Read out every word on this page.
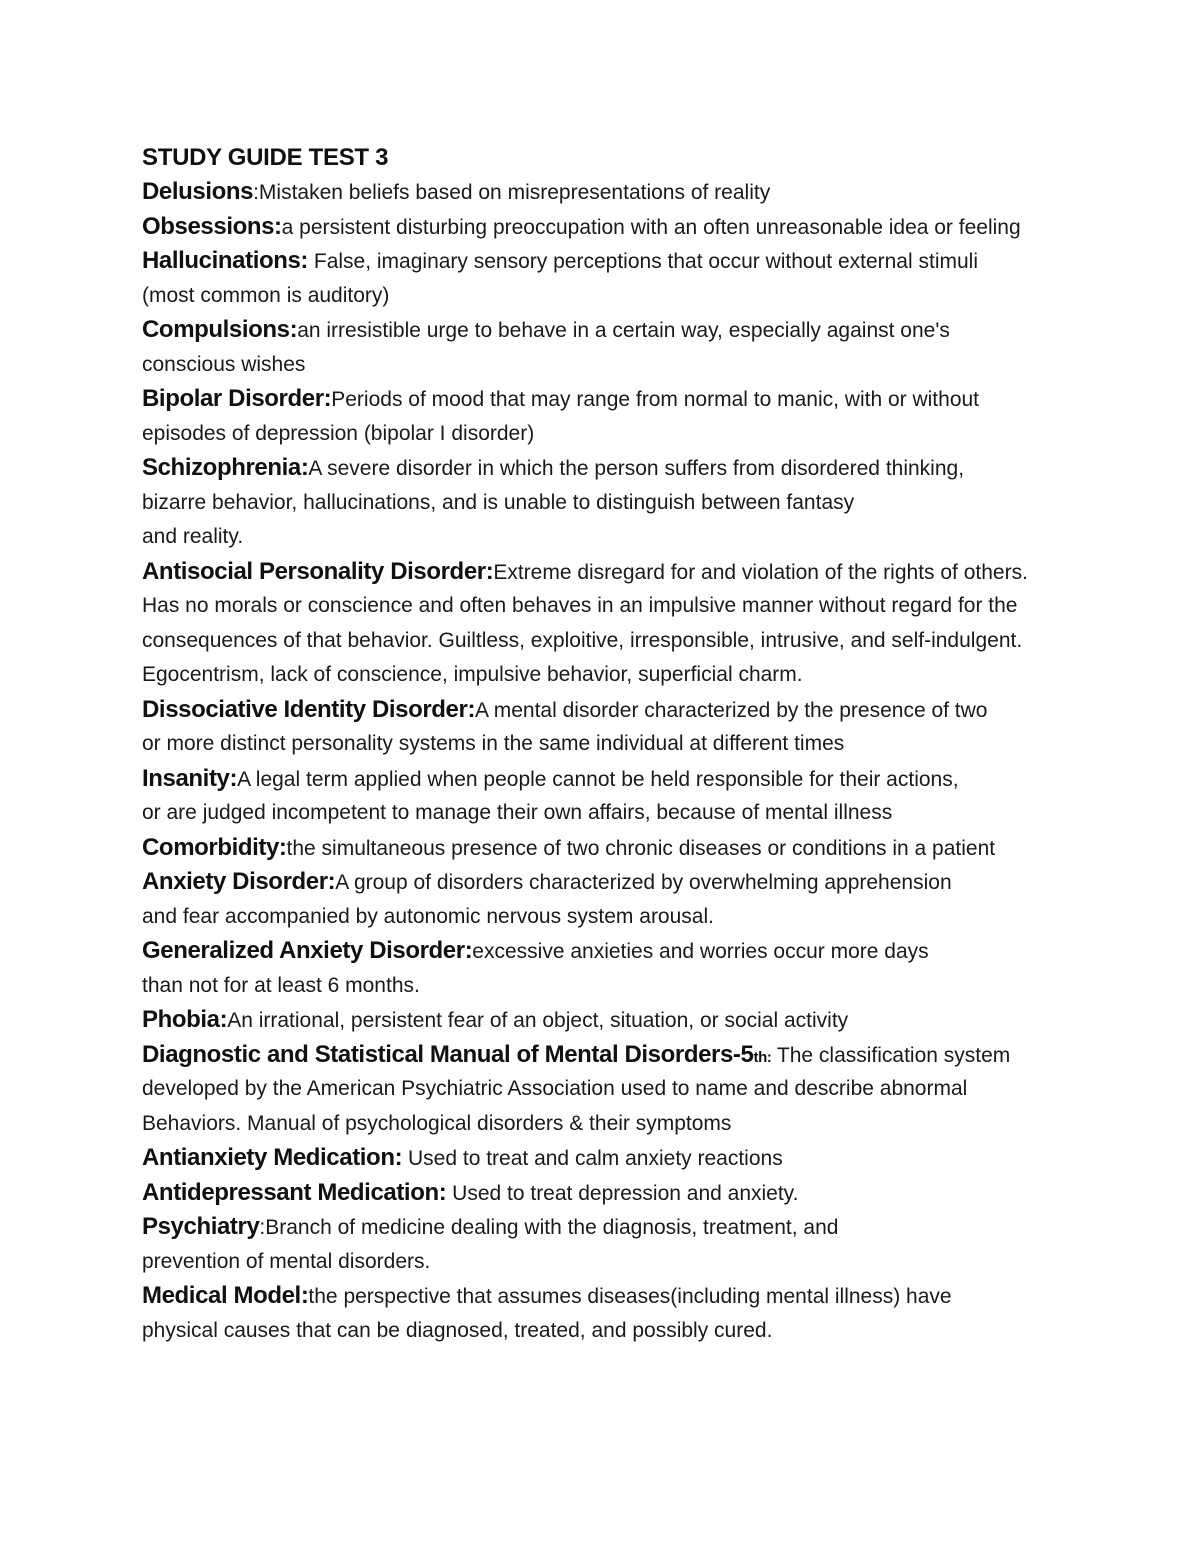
STUDY GUIDE TEST 3
Delusions:Mistaken beliefs based on misrepresentations of reality
Obsessions:a persistent disturbing preoccupation with an often unreasonable idea or feeling
Hallucinations: False, imaginary sensory perceptions that occur without external stimuli
(most common is auditory)
Compulsions:an irresistible urge to behave in a certain way, especially against one's
conscious wishes
Bipolar Disorder:Periods of mood that may range from normal to manic, with or without
episodes of depression (bipolar I disorder)
Schizophrenia:A severe disorder in which the person suffers from disordered thinking,
bizarre behavior, hallucinations, and is unable to distinguish between fantasy
and reality.
Antisocial Personality Disorder:Extreme disregard for and violation of the rights of others.
Has no morals or conscience and often behaves in an impulsive manner without regard for the
consequences of that behavior. Guiltless, exploitive, irresponsible, intrusive, and self-indulgent.
Egocentrism, lack of conscience, impulsive behavior, superficial charm.
Dissociative Identity Disorder:A mental disorder characterized by the presence of two
or more distinct personality systems in the same individual at different times
Insanity:A legal term applied when people cannot be held responsible for their actions,
or are judged incompetent to manage their own affairs, because of mental illness
Comorbidity:the simultaneous presence of two chronic diseases or conditions in a patient
Anxiety Disorder:A group of disorders characterized by overwhelming apprehension
and fear accompanied by autonomic nervous system arousal.
Generalized Anxiety Disorder:excessive anxieties and worries occur more days
than not for at least 6 months.
Phobia:An irrational, persistent fear of an object, situation, or social activity
Diagnostic and Statistical Manual of Mental Disorders-5th: The classification system
developed by the American Psychiatric Association used to name and describe abnormal
Behaviors. Manual of psychological disorders & their symptoms
Antianxiety Medication: Used to treat and calm anxiety reactions
Antidepressant Medication: Used to treat depression and anxiety.
Psychiatry:Branch of medicine dealing with the diagnosis, treatment, and
prevention of mental disorders.
Medical Model:the perspective that assumes diseases(including mental illness) have
physical causes that can be diagnosed, treated, and possibly cured.
